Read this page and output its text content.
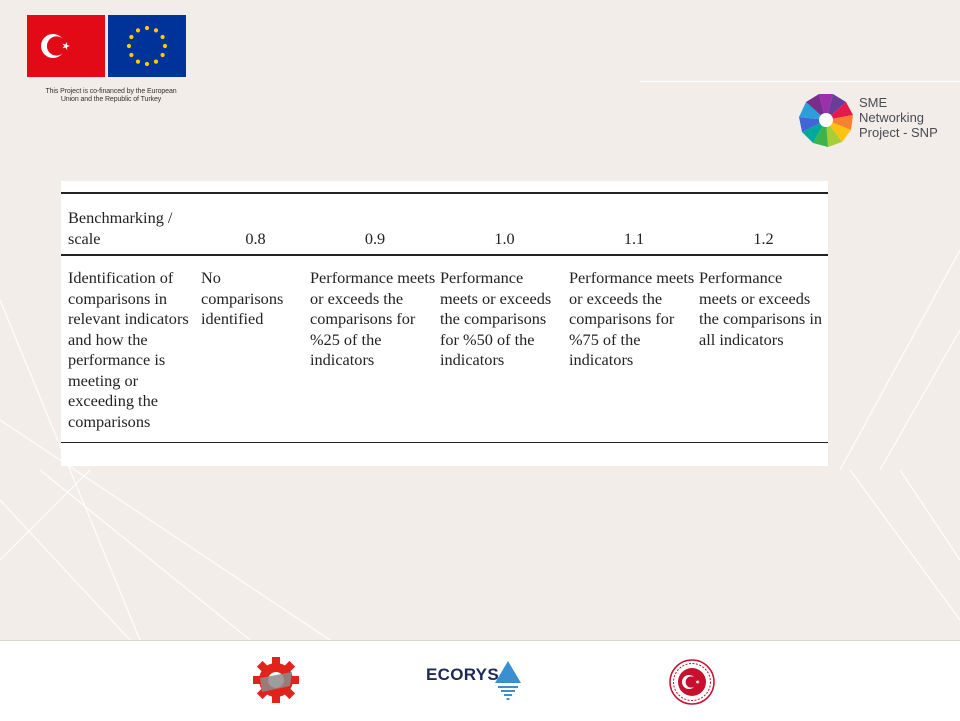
This Project is co-financed by the European Union and the Republic of Turkey	SME
Networking
Project - SNP
Benchmarking / scale	0.8	0.9	1.0	1.1	1.2
Identification of comparisons in relevant indicators and how the performance is meeting or exceeding the comparisons	No comparisons identified	Performance meets or exceeds the comparisons for %25 of the indicators	Performance meets or exceeds the comparisons for %50 of the indicators	Performance meets or exceeds the comparisons for %75 of the indicators	Performance meets or exceeds the comparisons in all indicators
ECORYS
